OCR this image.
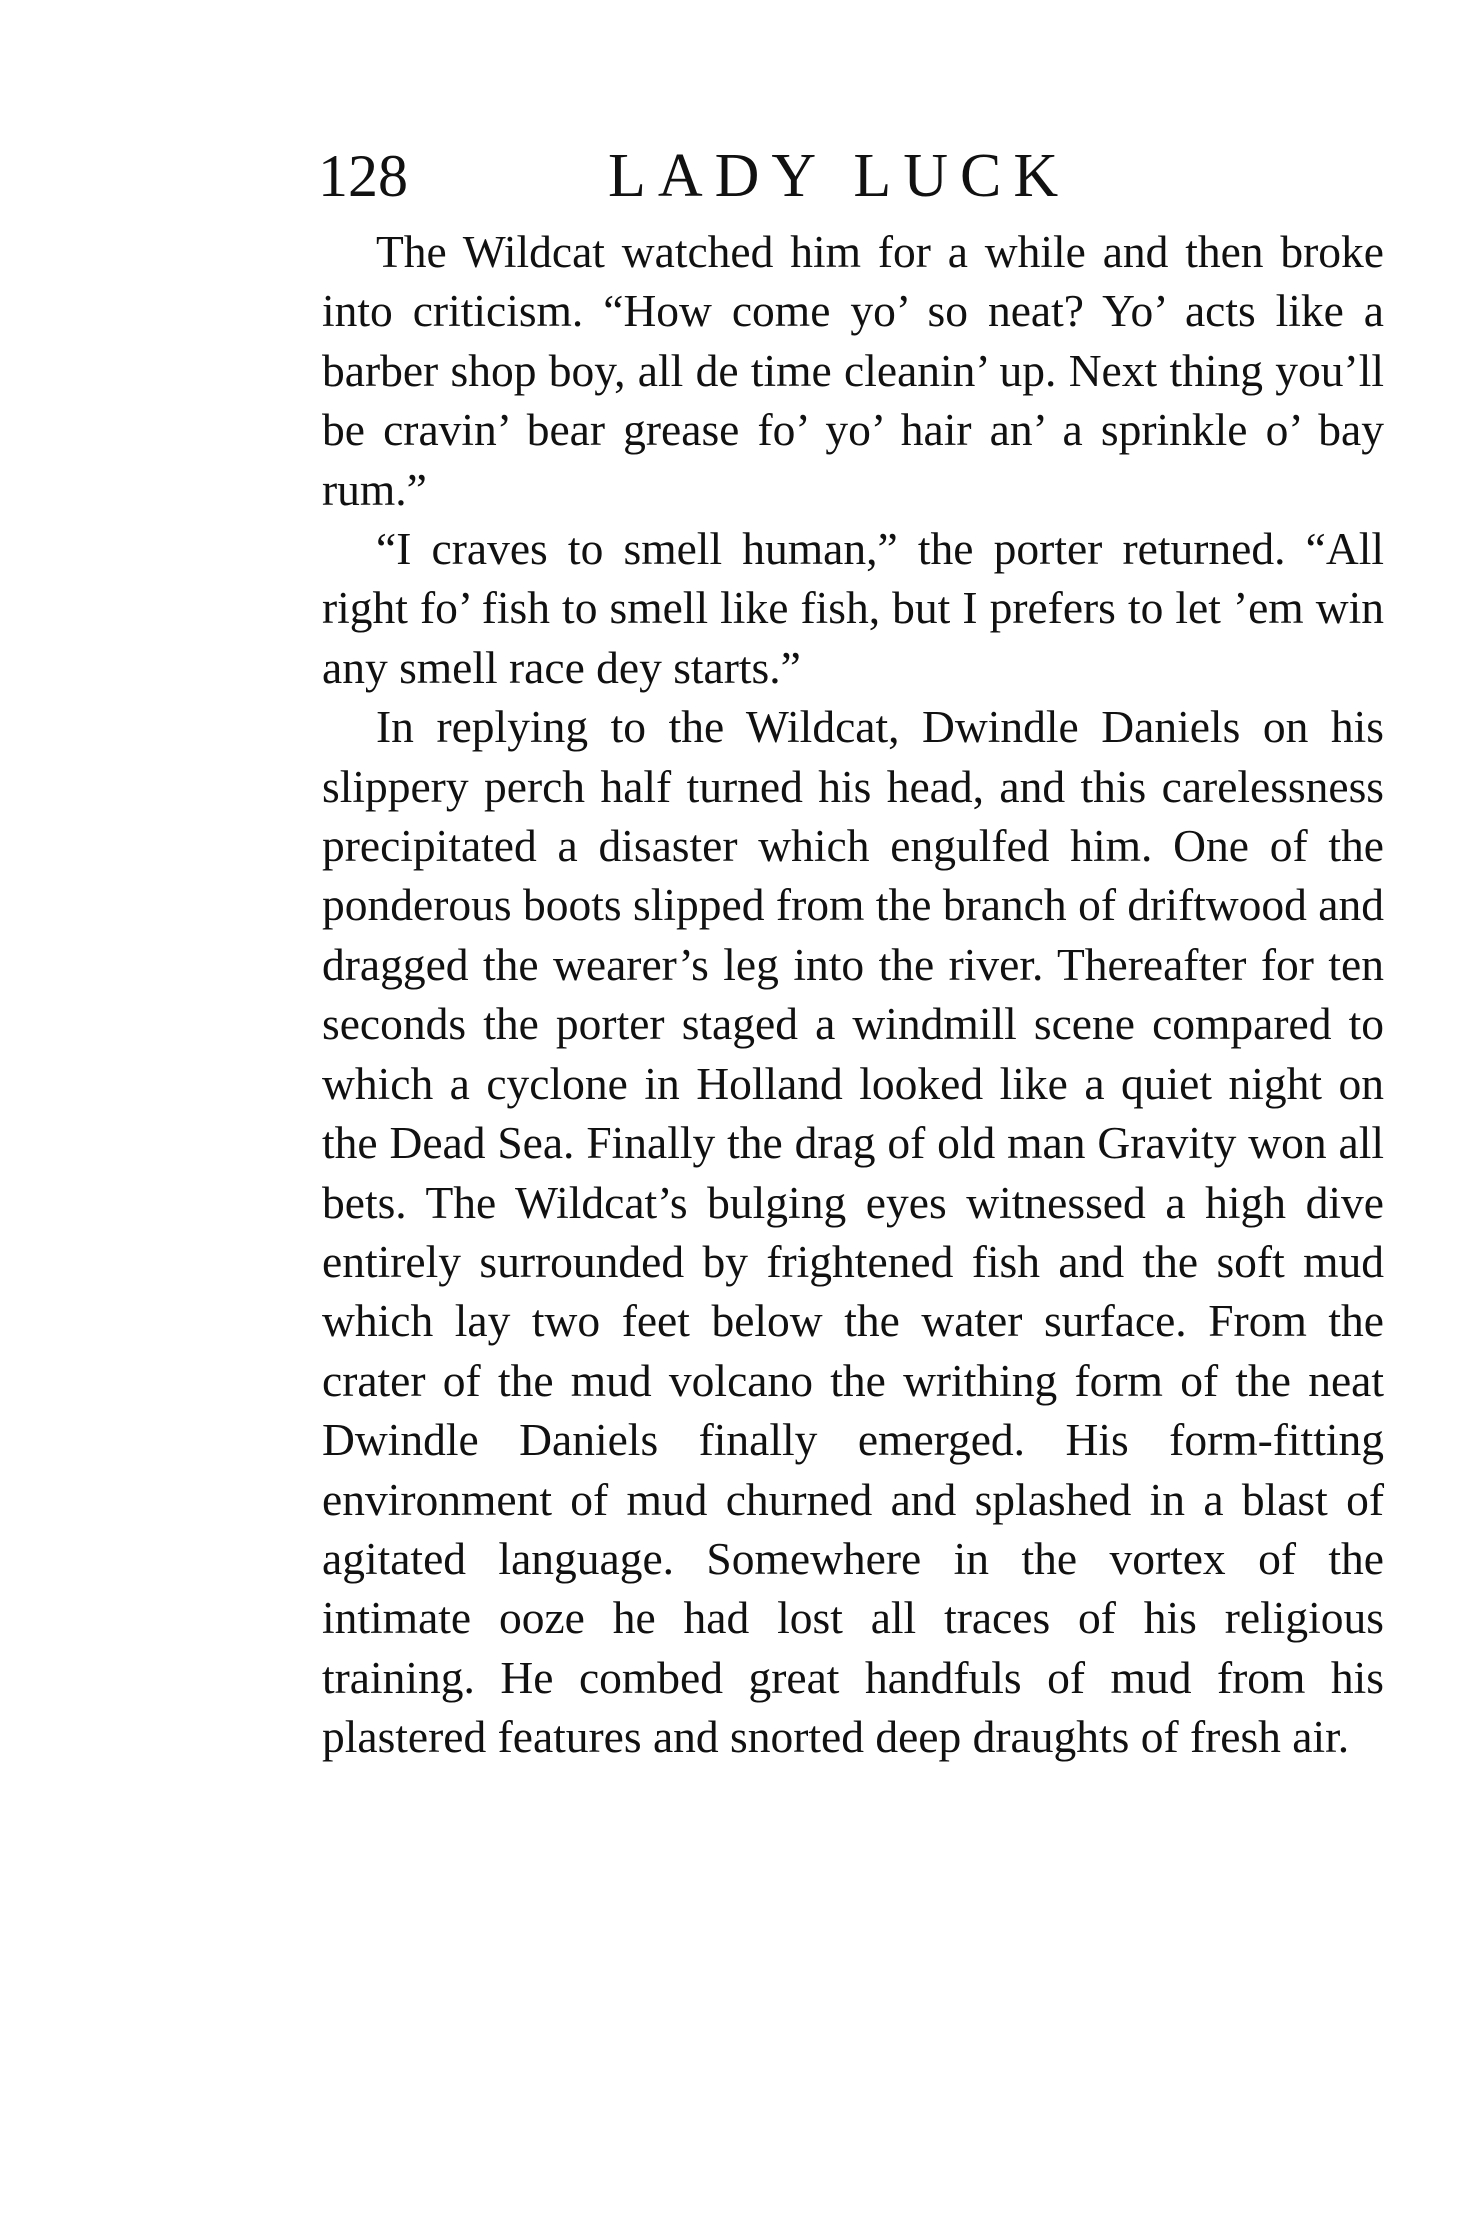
128	LADY LUCK

The Wildcat watched him for a while and then broke into criticism. “How come yo’ so neat? Yo’ acts like a barber shop boy, all de time cleanin’ up. Next thing you’ll be cravin’ bear grease fo’ yo’ hair an’ a sprinkle o’ bay rum.”

“I craves to smell human,” the porter returned. “All right fo’ fish to smell like fish, but I prefers to let ’em win any smell race dey starts.”

In replying to the Wildcat, Dwindle Daniels on his slippery perch half turned his head, and this carelessness precipitated a disaster which engulfed him. One of the ponderous boots slipped from the branch of driftwood and dragged the wearer’s leg into the river. Thereafter for ten seconds the porter staged a windmill scene compared to which a cyclone in Holland looked like a quiet night on the Dead Sea. Finally the drag of old man Gravity won all bets. The Wildcat’s bulging eyes witnessed a high dive entirely surrounded by frightened fish and the soft mud which lay two feet below the water surface. From the crater of the mud volcano the writhing form of the neat Dwindle Daniels finally emerged. His form-fitting environment of mud churned and splashed in a blast of agitated language. Somewhere in the vortex of the intimate ooze he had lost all traces of his religious training. He combed great handfuls of mud from his plastered features and snorted deep draughts of fresh air.
